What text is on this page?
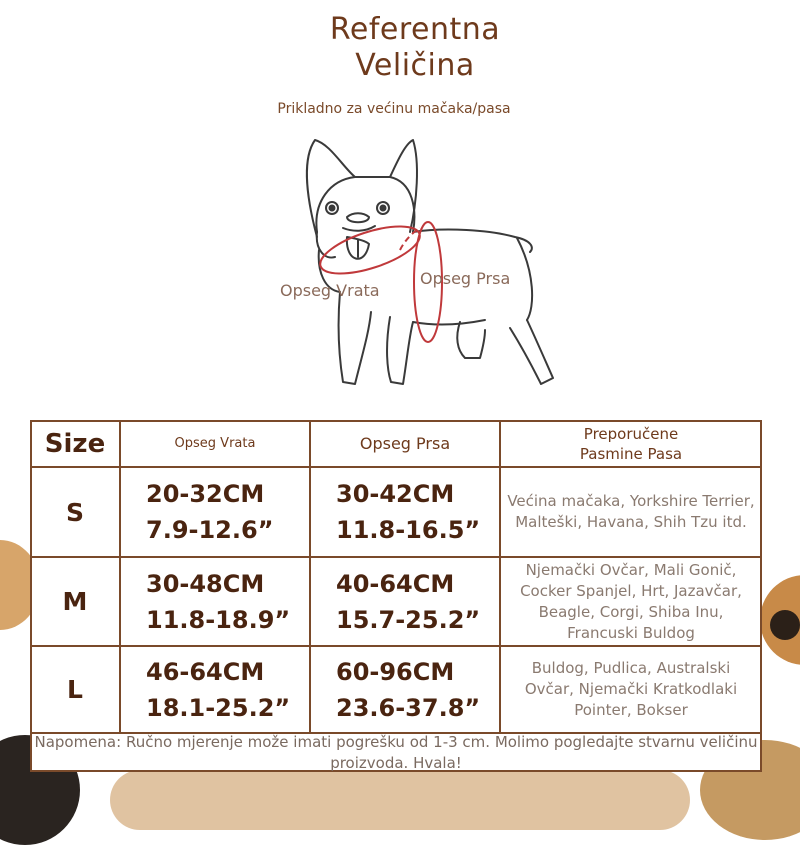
Referentna
Veličina
Prikladno za većinu mačaka/pasa
Opseg Vrata
Opseg Prsa
Size	Opseg Vrata	Opseg Prsa
Preporučene
Pasmine Pasa
S
20-32CM
7.9-12.6”
30-42CM
11.8-16.5”
Većina mačaka, Yorkshire Terrier, Malteški, Havana, Shih Tzu itd.
M
30-48CM
11.8-18.9”
40-64CM
15.7-25.2”
Njemački Ovčar, Mali Gonič, Cocker Spanjel, Hrt, Jazavčar, Beagle, Corgi, Shiba Inu, Francuski Buldog
L
46-64CM
18.1-25.2”
60-96CM
23.6-37.8”
Buldog, Pudlica, Australski Ovčar, Njemački Kratkodlaki Pointer, Bokser
Napomena: Ručno mjerenje može imati pogrešku od 1-3 cm. Molimo pogledajte stvarnu veličinu proizvoda. Hvala!
